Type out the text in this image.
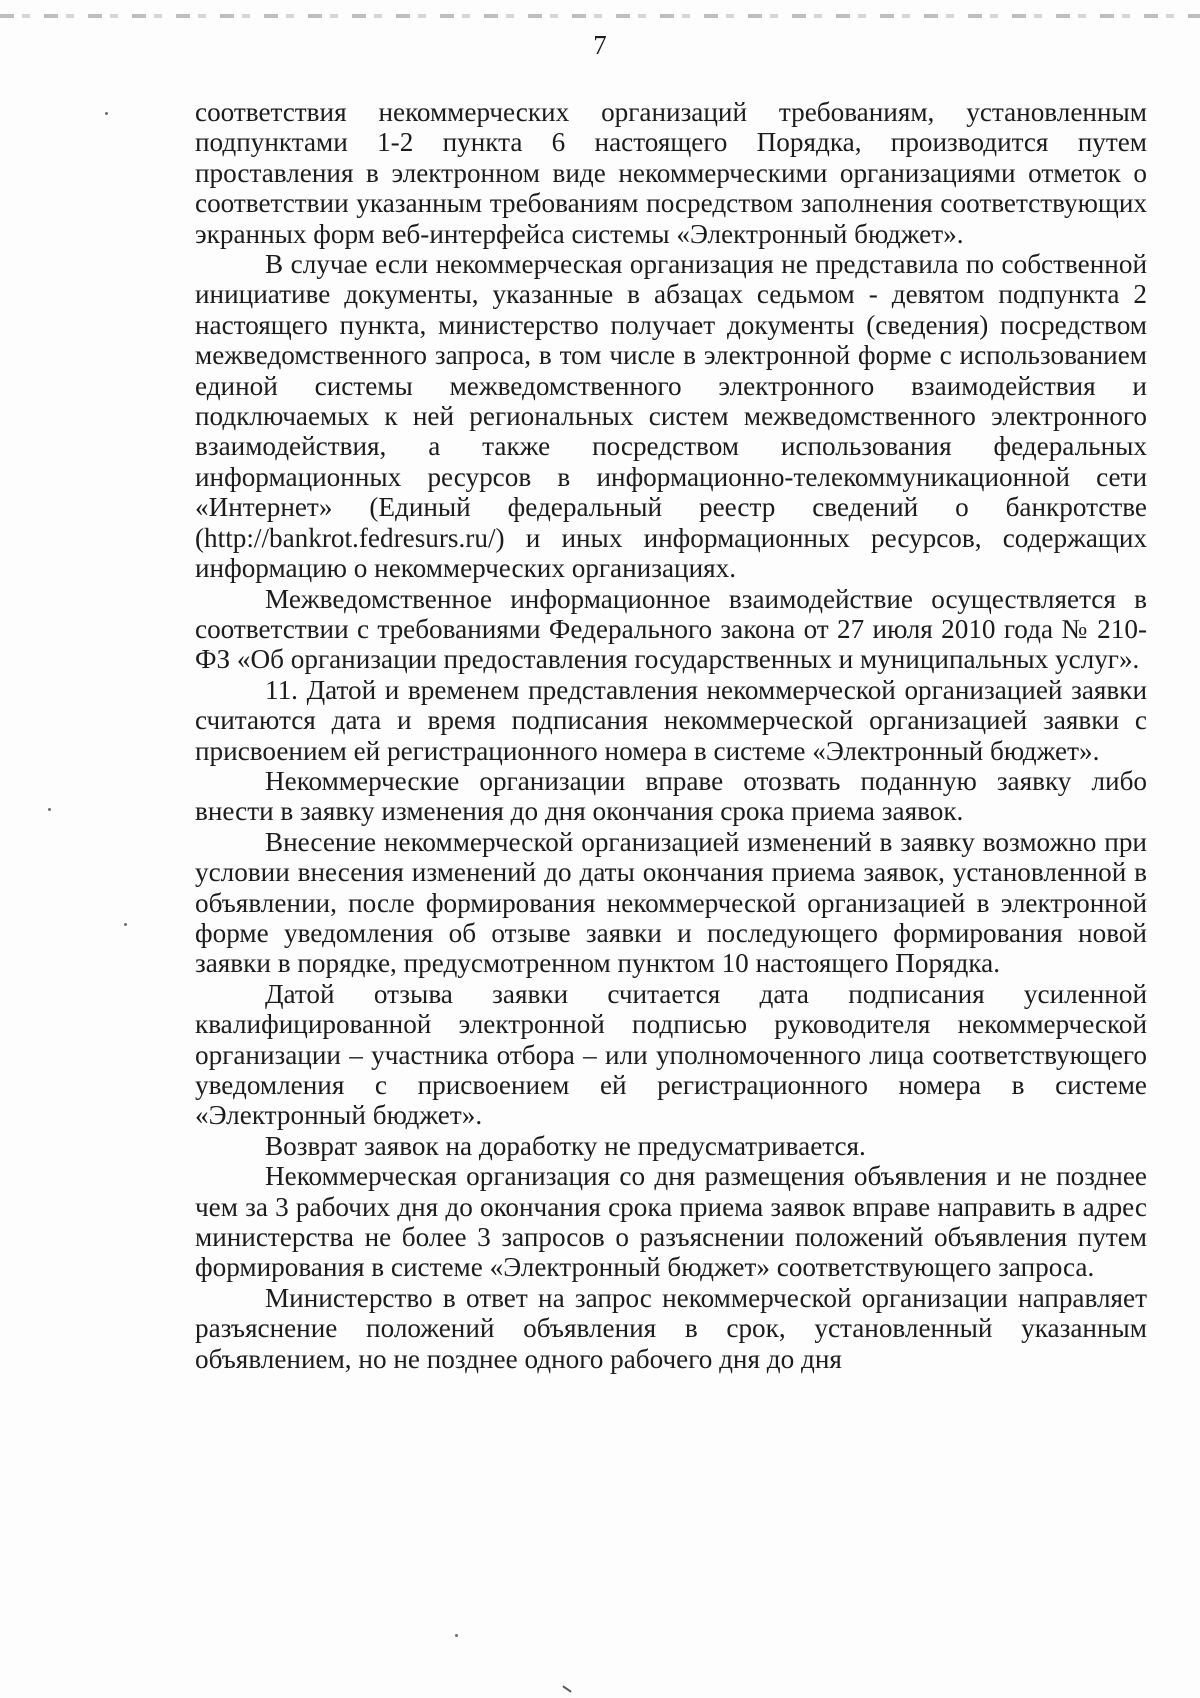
7

соответствия некоммерческих организаций требованиям, установленным подпунктами 1-2 пункта 6 настоящего Порядка, производится путем проставления в электронном виде некоммерческими организациями отметок о соответствии указанным требованиям посредством заполнения соответствующих экранных форм веб-интерфейса системы «Электронный бюджет».

В случае если некоммерческая организация не представила по собственной инициативе документы, указанные в абзацах седьмом - девятом подпункта 2 настоящего пункта, министерство получает документы (сведения) посредством межведомственного запроса, в том числе в электронной форме с использованием единой системы межведомственного электронного взаимодействия и подключаемых к ней региональных систем межведомственного электронного взаимодействия, а также посредством использования федеральных информационных ресурсов в информационно-телекоммуникационной сети «Интернет» (Единый федеральный реестр сведений о банкротстве (http://bankrot.fedresurs.ru/) и иных информационных ресурсов, содержащих информацию о некоммерческих организациях.

Межведомственное информационное взаимодействие осуществляется в соответствии с требованиями Федерального закона от 27 июля 2010 года № 210-ФЗ «Об организации предоставления государственных и муниципальных услуг».

11. Датой и временем представления некоммерческой организацией заявки считаются дата и время подписания некоммерческой организацией заявки с присвоением ей регистрационного номера в системе «Электронный бюджет».

Некоммерческие организации вправе отозвать поданную заявку либо внести в заявку изменения до дня окончания срока приема заявок.

Внесение некоммерческой организацией изменений в заявку возможно при условии внесения изменений до даты окончания приема заявок, установленной в объявлении, после формирования некоммерческой организацией в электронной форме уведомления об отзыве заявки и последующего формирования новой заявки в порядке, предусмотренном пунктом 10 настоящего Порядка.

Датой отзыва заявки считается дата подписания усиленной квалифицированной электронной подписью руководителя некоммерческой организации – участника отбора – или уполномоченного лица соответствующего уведомления с присвоением ей регистрационного номера в системе «Электронный бюджет».

Возврат заявок на доработку не предусматривается.

Некоммерческая организация со дня размещения объявления и не позднее чем за 3 рабочих дня до окончания срока приема заявок вправе направить в адрес министерства не более 3 запросов о разъяснении положений объявления путем формирования в системе «Электронный бюджет» соответствующего запроса.

Министерство в ответ на запрос некоммерческой организации направляет разъяснение положений объявления в срок, установленный указанным объявлением, но не позднее одного рабочего дня до дня
